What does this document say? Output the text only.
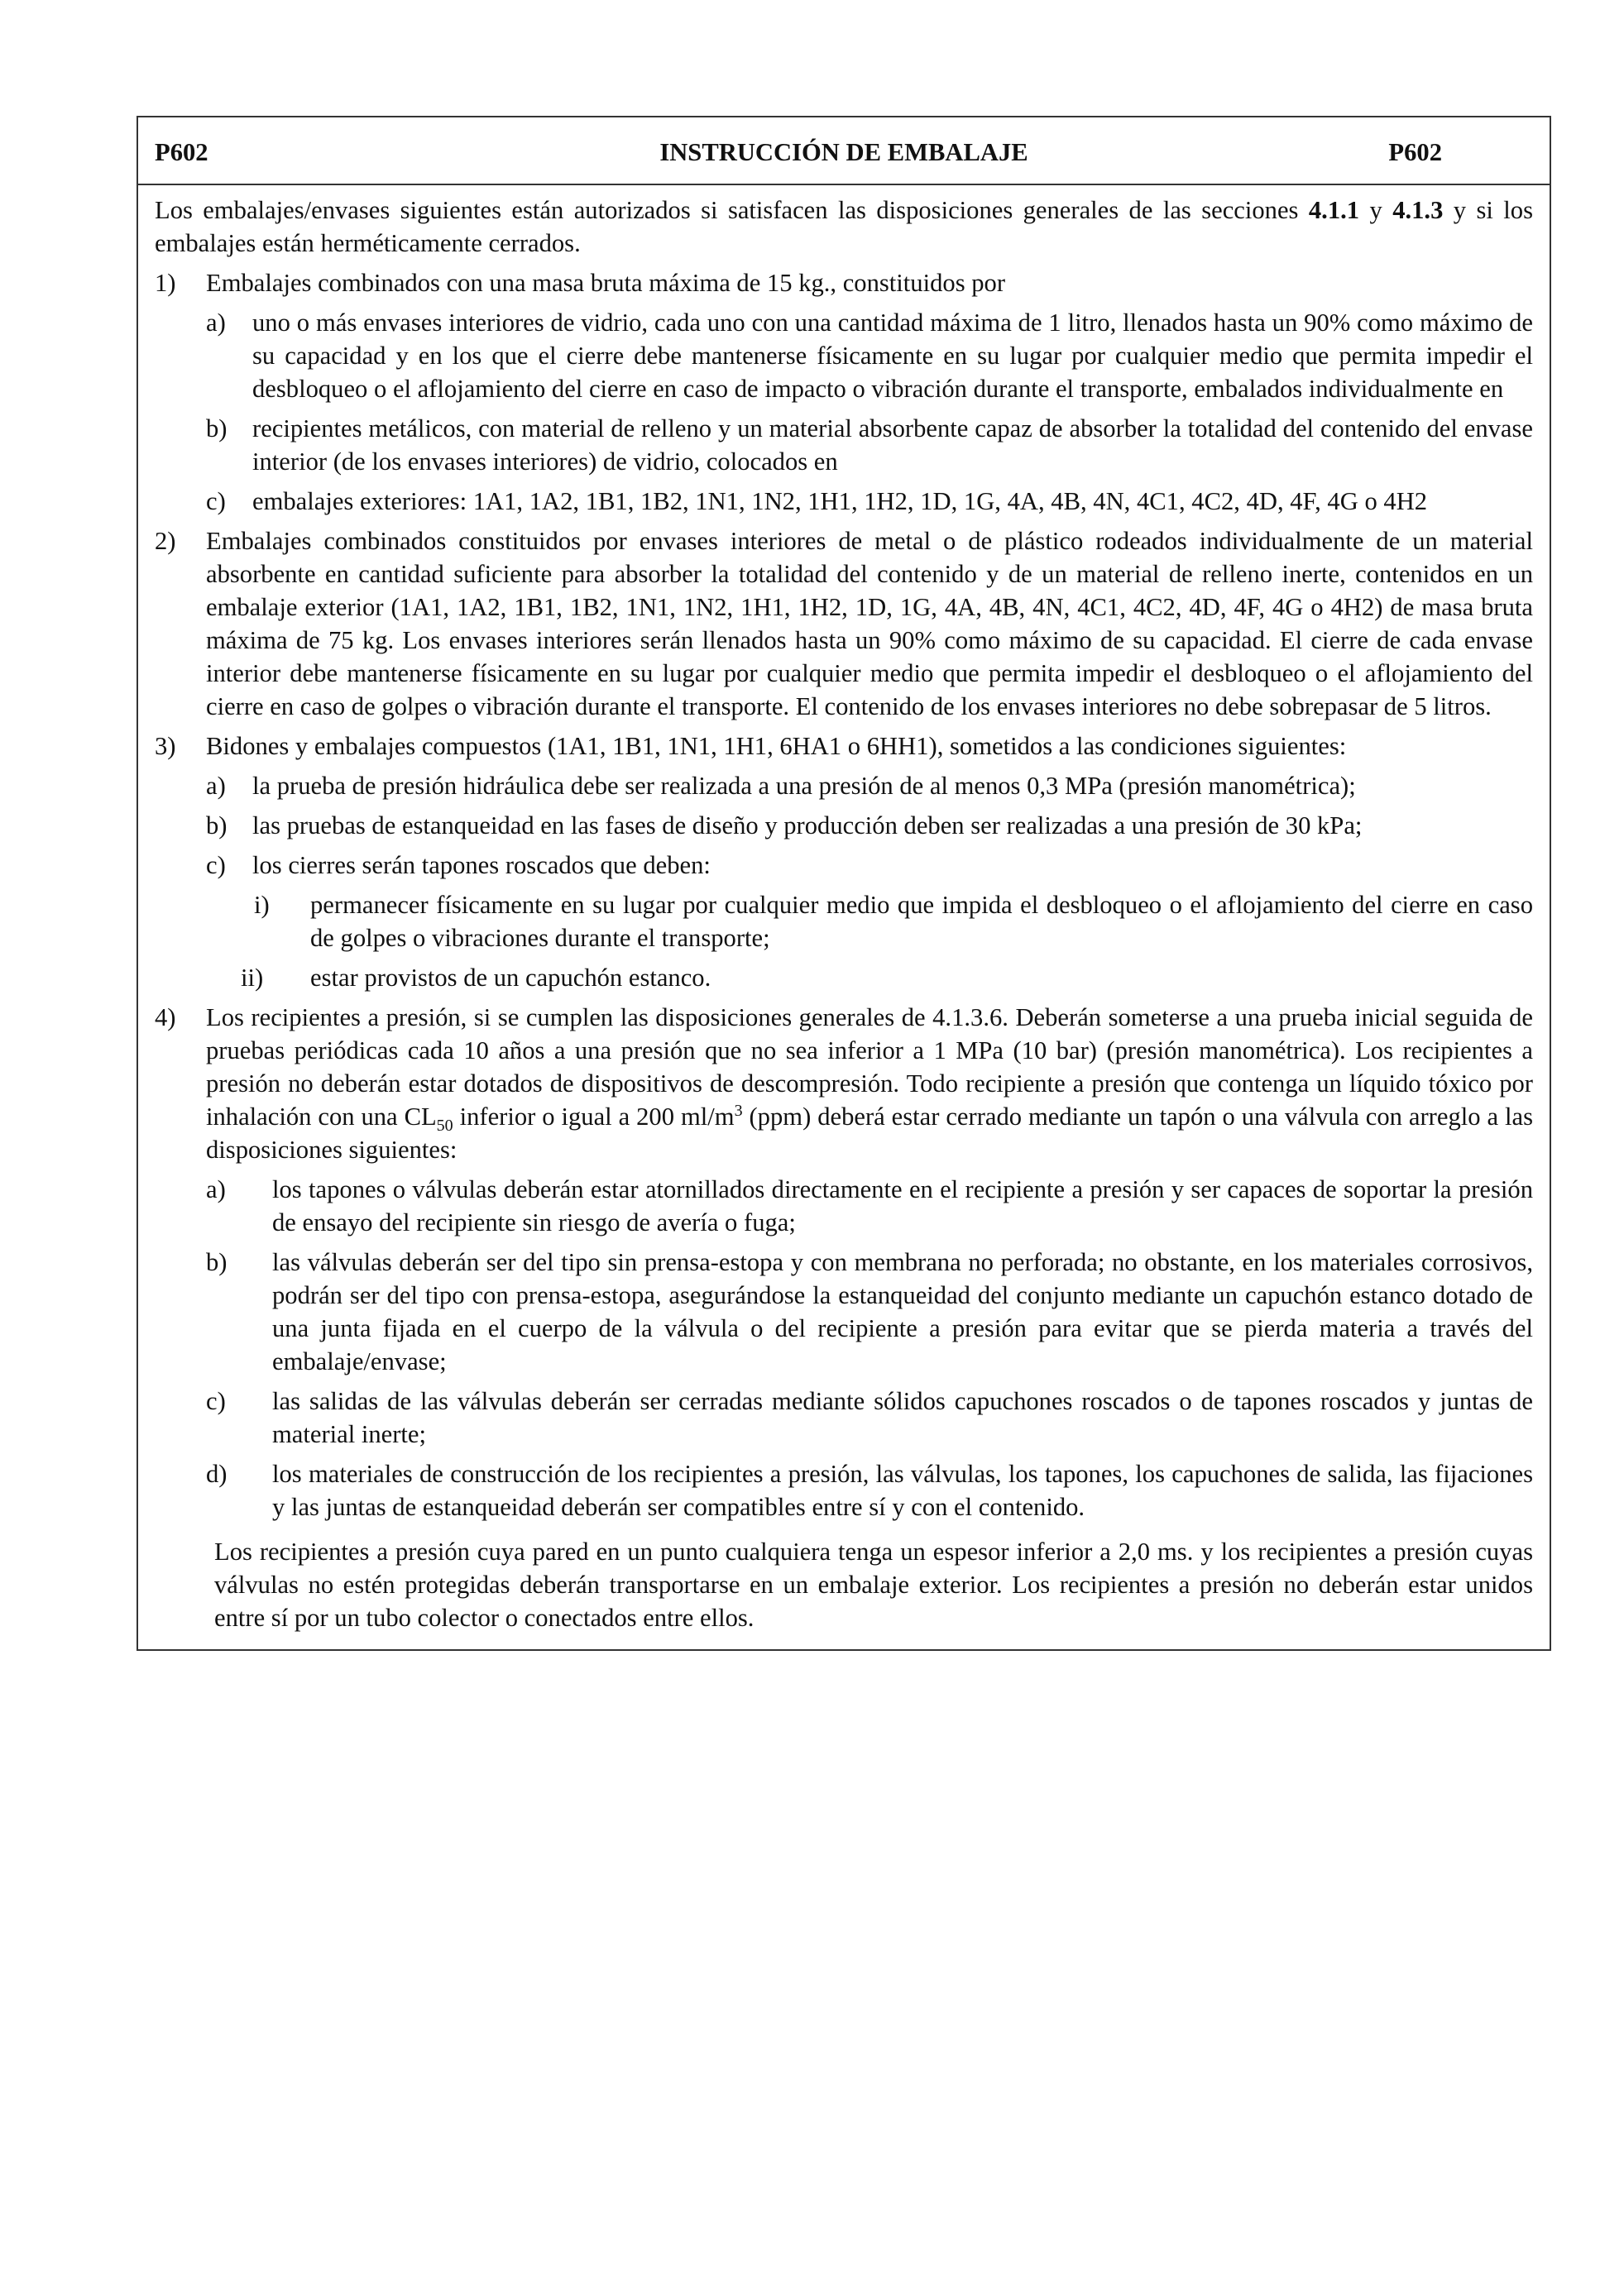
P602	INSTRUCCIÓN DE EMBALAJE	P602

Los embalajes/envases siguientes están autorizados si satisfacen las disposiciones generales de las secciones 4.1.1 y 4.1.3 y si los embalajes están herméticamente cerrados.

1) Embalajes combinados con una masa bruta máxima de 15 kg., constituidos por
a) uno o más envases interiores de vidrio, cada uno con una cantidad máxima de 1 litro, llenados hasta un 90% como máximo de su capacidad y en los que el cierre debe mantenerse físicamente en su lugar por cualquier medio que permita impedir el desbloqueo o el aflojamiento del cierre en caso de impacto o vibración durante el transporte, embalados individualmente en
b) recipientes metálicos, con material de relleno y un material absorbente capaz de absorber la totalidad del contenido del envase interior (de los envases interiores) de vidrio, colocados en
c) embalajes exteriores: 1A1, 1A2, 1B1, 1B2, 1N1, 1N2, 1H1, 1H2, 1D, 1G, 4A, 4B, 4N, 4C1, 4C2, 4D, 4F, 4G o 4H2
2) Embalajes combinados constituidos por envases interiores de metal o de plástico rodeados individualmente de un material absorbente en cantidad suficiente para absorber la totalidad del contenido y de un material de relleno inerte, contenidos en un embalaje exterior (1A1, 1A2, 1B1, 1B2, 1N1, 1N2, 1H1, 1H2, 1D, 1G, 4A, 4B, 4N, 4C1, 4C2, 4D, 4F, 4G o 4H2) de masa bruta máxima de 75 kg. Los envases interiores serán llenados hasta un 90% como máximo de su capacidad. El cierre de cada envase interior debe mantenerse físicamente en su lugar por cualquier medio que permita impedir el desbloqueo o el aflojamiento del cierre en caso de golpes o vibración durante el transporte. El contenido de los envases interiores no debe sobrepasar de 5 litros.
3) Bidones y embalajes compuestos (1A1, 1B1, 1N1, 1H1, 6HA1 o 6HH1), sometidos a las condiciones siguientes:
a) la prueba de presión hidráulica debe ser realizada a una presión de al menos 0,3 MPa (presión manométrica);
b) las pruebas de estanqueidad en las fases de diseño y producción deben ser realizadas a una presión de 30 kPa;
c) los cierres serán tapones roscados que deben:
i) permanecer físicamente en su lugar por cualquier medio que impida el desbloqueo o el aflojamiento del cierre en caso de golpes o vibraciones durante el transporte;
ii) estar provistos de un capuchón estanco.
4) Los recipientes a presión, si se cumplen las disposiciones generales de 4.1.3.6. Deberán someterse a una prueba inicial seguida de pruebas periódicas cada 10 años a una presión que no sea inferior a 1 MPa (10 bar) (presión manométrica). Los recipientes a presión no deberán estar dotados de dispositivos de descompresión. Todo recipiente a presión que contenga un líquido tóxico por inhalación con una $CL_{50}$ inferior o igual a 200 $ml/m^3$ (ppm) deberá estar cerrado mediante un tapón o una válvula con arreglo a las disposiciones siguientes:
a) los tapones o válvulas deberán estar atornillados directamente en el recipiente a presión y ser capaces de soportar la presión de ensayo del recipiente sin riesgo de avería o fuga;
b) las válvulas deberán ser del tipo sin prensa-estopa y con membrana no perforada; no obstante, en los materiales corrosivos, podrán ser del tipo con prensa-estopa, asegurándose la estanqueidad del conjunto mediante un capuchón estanco dotado de una junta fijada en el cuerpo de la válvula o del recipiente a presión para evitar que se pierda materia a través del embalaje/envase;
c) las salidas de las válvulas deberán ser cerradas mediante sólidos capuchones roscados o de tapones roscados y juntas de material inerte;
d) los materiales de construcción de los recipientes a presión, las válvulas, los tapones, los capuchones de salida, las fijaciones y las juntas de estanqueidad deberán ser compatibles entre sí y con el contenido.

Los recipientes a presión cuya pared en un punto cualquiera tenga un espesor inferior a 2,0 ms. y los recipientes a presión cuyas válvulas no estén protegidas deberán transportarse en un embalaje exterior. Los recipientes a presión no deberán estar unidos entre sí por un tubo colector o conectados entre ellos.
